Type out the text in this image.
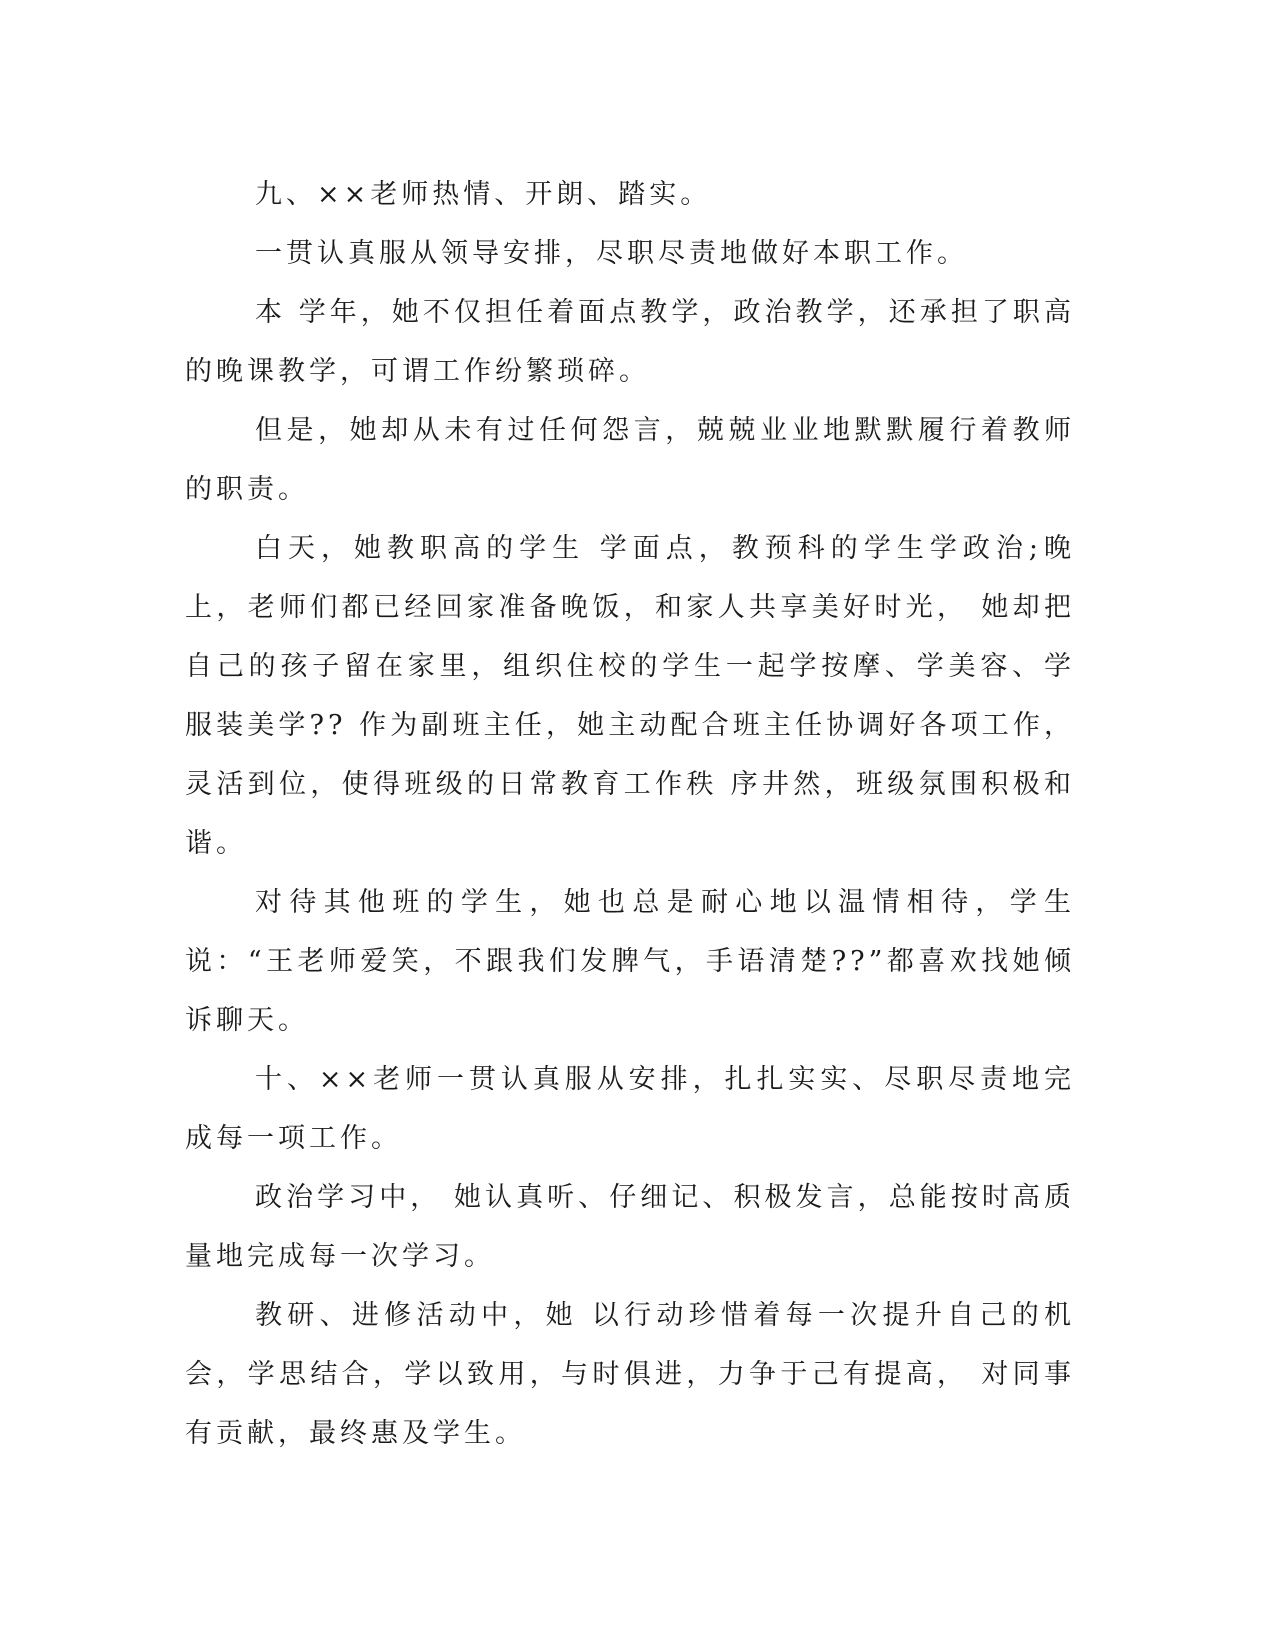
九、××老师热情、开朗、踏实。

一贯认真服从领导安排，尽职尽责地做好本职工作。

本 学年，她不仅担任着面点教学，政治教学，还承担了职高的晚课教学，可谓工作纷繁琐碎。

但是，她却从未有过任何怨言，兢兢业业地默默履行着教师的职责。

白天，她教职高的学生 学面点，教预科的学生学政治;晚上，老师们都已经回家准备晚饭，和家人共享美好时光， 她却把自己的孩子留在家里，组织住校的学生一起学按摩、学美容、学服装美学?? 作为副班主任，她主动配合班主任协调好各项工作，灵活到位，使得班级的日常教育工作秩 序井然，班级氛围积极和谐。

对待其他班的学生，她也总是耐心地以温情相待，学生说：“王老师爱笑，不跟我们发脾气，手语清楚??”都喜欢找她倾诉聊天。

十、××老师一贯认真服从安排，扎扎实实、尽职尽责地完成每一项工作。

政治学习中， 她认真听、仔细记、积极发言，总能按时高质量地完成每一次学习。

教研、进修活动中，她 以行动珍惜着每一次提升自己的机会，学思结合，学以致用，与时俱进，力争于己有提高， 对同事有贡献，最终惠及学生。
